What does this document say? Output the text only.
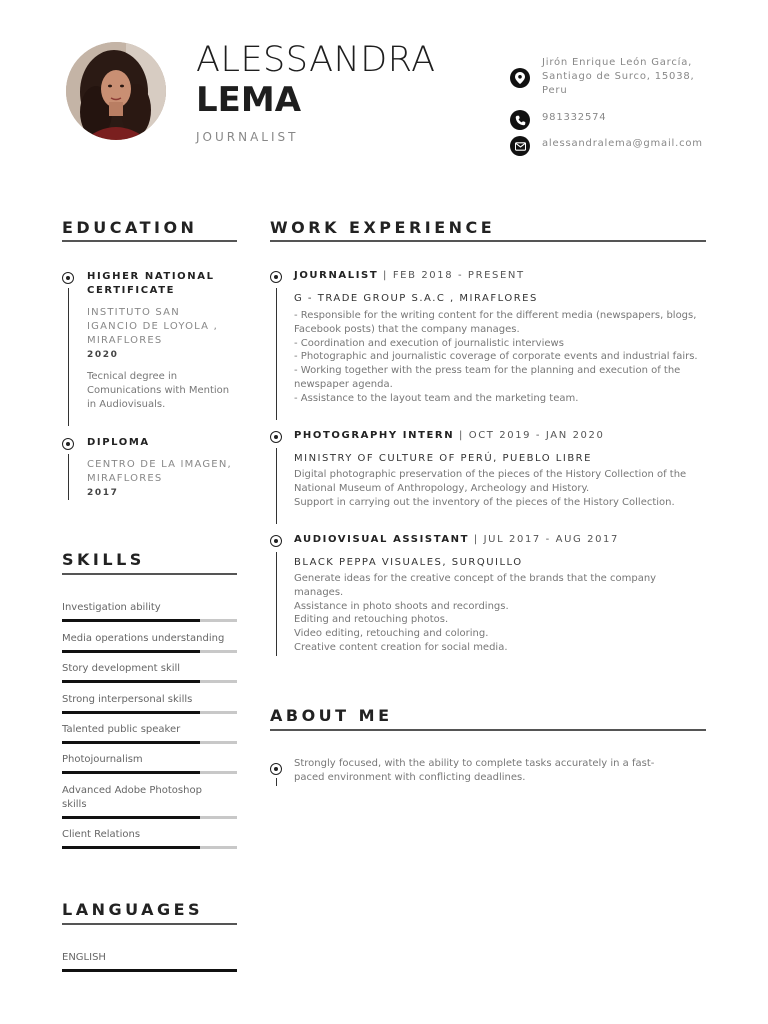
ALESSANDRA
LEMA
JOURNALIST
Jirón Enrique León García,
Santiago de Surco, 15038,
Peru
981332574
alessandralema@gmail.com
EDUCATION
HIGHER NATIONAL
CERTIFICATE
INSTITUTO SAN
IGANCIO DE LOYOLA ,
MIRAFLORES
2020
Tecnical degree in
Comunications with Mention
in Audiovisuals.
DIPLOMA
CENTRO DE LA IMAGEN,
MIRAFLORES
2017
SKILLS
Investigation ability
Media operations understanding
Story development skill
Strong interpersonal skills
Talented public speaker
Photojournalism
Advanced Adobe Photoshop skills
Client Relations
LANGUAGES
ENGLISH
WORK EXPERIENCE
JOURNALIST | FEB 2018 - PRESENT
G - TRADE GROUP S.A.C , MIRAFLORES
- Responsible for the writing content for the different media (newspapers, blogs,
Facebook posts) that the company manages.
- Coordination and execution of journalistic interviews
- Photographic and journalistic coverage of corporate events and industrial fairs.
- Working together with the press team for the planning and execution of the
newspaper agenda.
- Assistance to the layout team and the marketing team.
PHOTOGRAPHY INTERN | OCT 2019 - JAN 2020
MINISTRY OF CULTURE OF PERÚ, PUEBLO LIBRE
Digital photographic preservation of the pieces of the History Collection of the
National Museum of Anthropology, Archeology and History.
Support in carrying out the inventory of the pieces of the History Collection.
AUDIOVISUAL ASSISTANT | JUL 2017 - AUG 2017
BLACK PEPPA VISUALES, SURQUILLO
Generate ideas for the creative concept of the brands that the company
manages.
Assistance in photo shoots and recordings.
Editing and retouching photos.
Video editing, retouching and coloring.
Creative content creation for social media.
ABOUT ME
Strongly focused, with the ability to complete tasks accurately in a fast-
paced environment with conflicting deadlines.
